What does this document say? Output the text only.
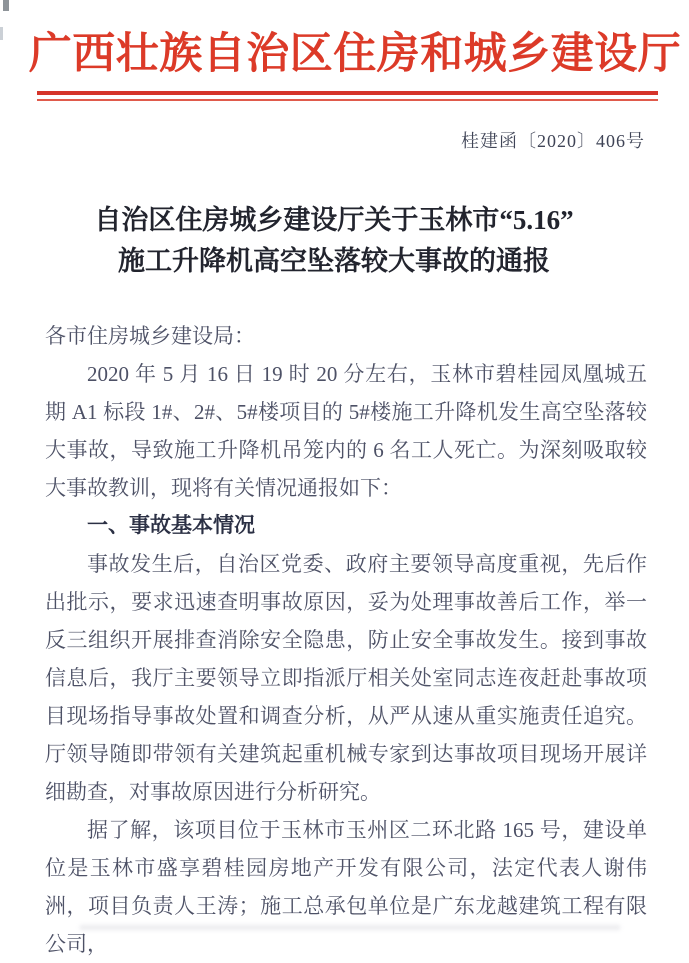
广西壮族自治区住房和城乡建设厅
桂建函〔2020〕406号
自治区住房城乡建设厅关于玉林市“5.16”
施工升降机高空坠落较大事故的通报

各市住房城乡建设局：

2020 年 5 月 16 日 19 时 20 分左右，玉林市碧桂园凤凰城五期 A1 标段 1#、2#、5#楼项目的 5#楼施工升降机发生高空坠落较大事故，导致施工升降机吊笼内的 6 名工人死亡。为深刻吸取较大事故教训，现将有关情况通报如下：

一、事故基本情况

事故发生后，自治区党委、政府主要领导高度重视，先后作出批示，要求迅速查明事故原因，妥为处理事故善后工作，举一反三组织开展排查消除安全隐患，防止安全事故发生。接到事故信息后，我厅主要领导立即指派厅相关处室同志连夜赶赴事故项目现场指导事故处置和调查分析，从严从速从重实施责任追究。厅领导随即带领有关建筑起重机械专家到达事故项目现场开展详细勘查，对事故原因进行分析研究。

据了解，该项目位于玉林市玉州区二环北路 165 号，建设单位是玉林市盛享碧桂园房地产开发有限公司，法定代表人谢伟洲，项目负责人王涛；施工总承包单位是广东龙越建筑工程有限公司，
